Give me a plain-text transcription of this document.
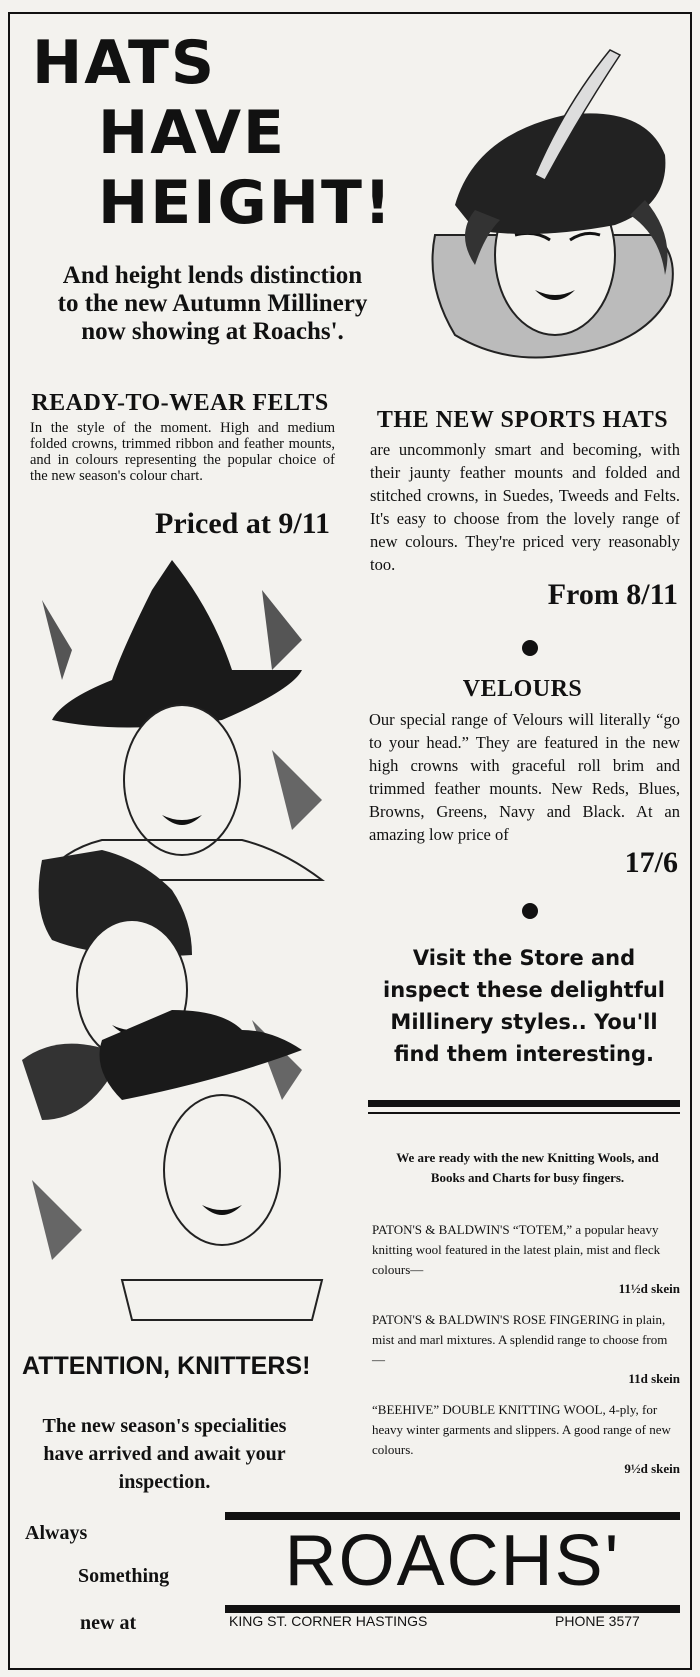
HATS
HAVE
HEIGHT!
And height lends distinction to the new Autumn Millinery now showing at Roachs'.
READY-TO-WEAR FELTS
In the style of the moment. High and medium folded crowns, trimmed ribbon and feather mounts, and in colours representing the popular choice of the new season's colour chart.
Priced at 9/11
THE NEW SPORTS HATS
are uncommonly smart and becoming, with their jaunty feather mounts and folded and stitched crowns, in Suedes, Tweeds and Felts. It's easy to choose from the lovely range of new colours. They're priced very reasonably too.
From 8/11
VELOURS
Our special range of Velours will literally “go to your head.” They are featured in the new high crowns with graceful roll brim and trimmed feather mounts. New Reds, Blues, Browns, Greens, Navy and Black. At an amazing low price of
17/6
Visit the Store and inspect these delightful Millinery styles.. You'll find them interesting.
We are ready with the new Knitting Wools, and Books and Charts for busy fingers.
PATON'S & BALDWIN'S “TOTEM,” a popular heavy knitting wool featured in the latest plain, mist and fleck colours—
11½d skein
PATON'S & BALDWIN'S ROSE FINGERING in plain, mist and marl mixtures. A splendid range to choose from—
11d skein
“BEEHIVE” DOUBLE KNITTING WOOL, 4-ply, for heavy winter garments and slippers. A good range of new colours.
9½d skein
ATTENTION, KNITTERS!
The new season's specialities have arrived and await your inspection.
Always
Something
new at
ROACHS'
KING ST. CORNER HASTINGS	PHONE 3577
